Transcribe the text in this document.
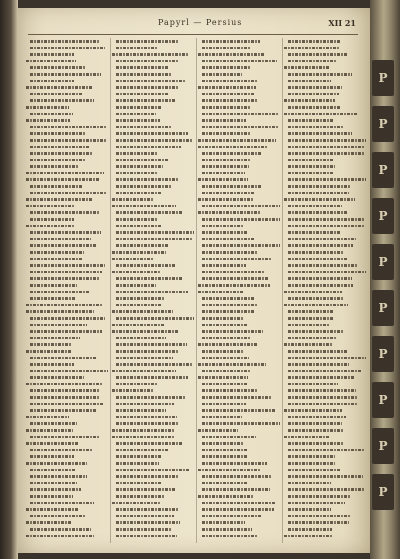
Papyrl — Persius	XII 21
P
P
P
P
P
P
P
P
P
P
